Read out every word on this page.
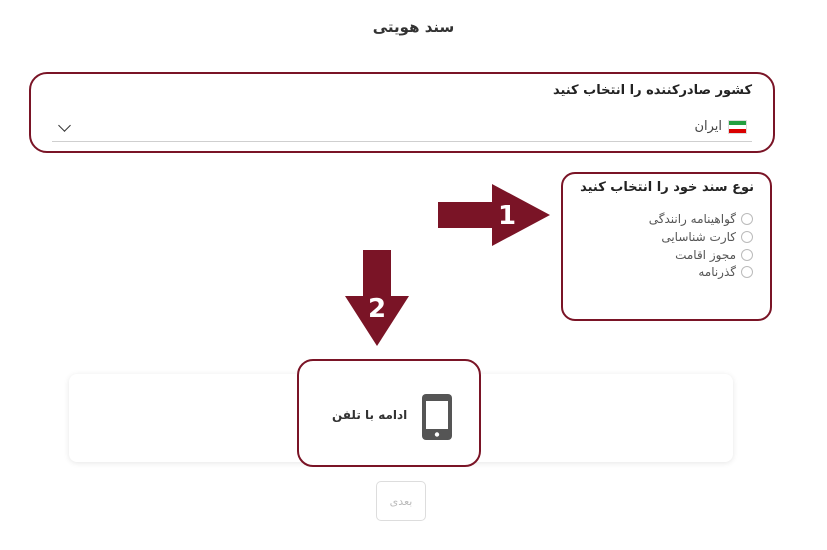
سند هویتی
کشور صادرکننده را انتخاب کنید
ایران
نوع سند خود را انتخاب کنید
گواهینامه رانندگی
کارت شناسایی
مجوز اقامت
گذرنامه
1
2
ادامه با تلفن
بعدی
